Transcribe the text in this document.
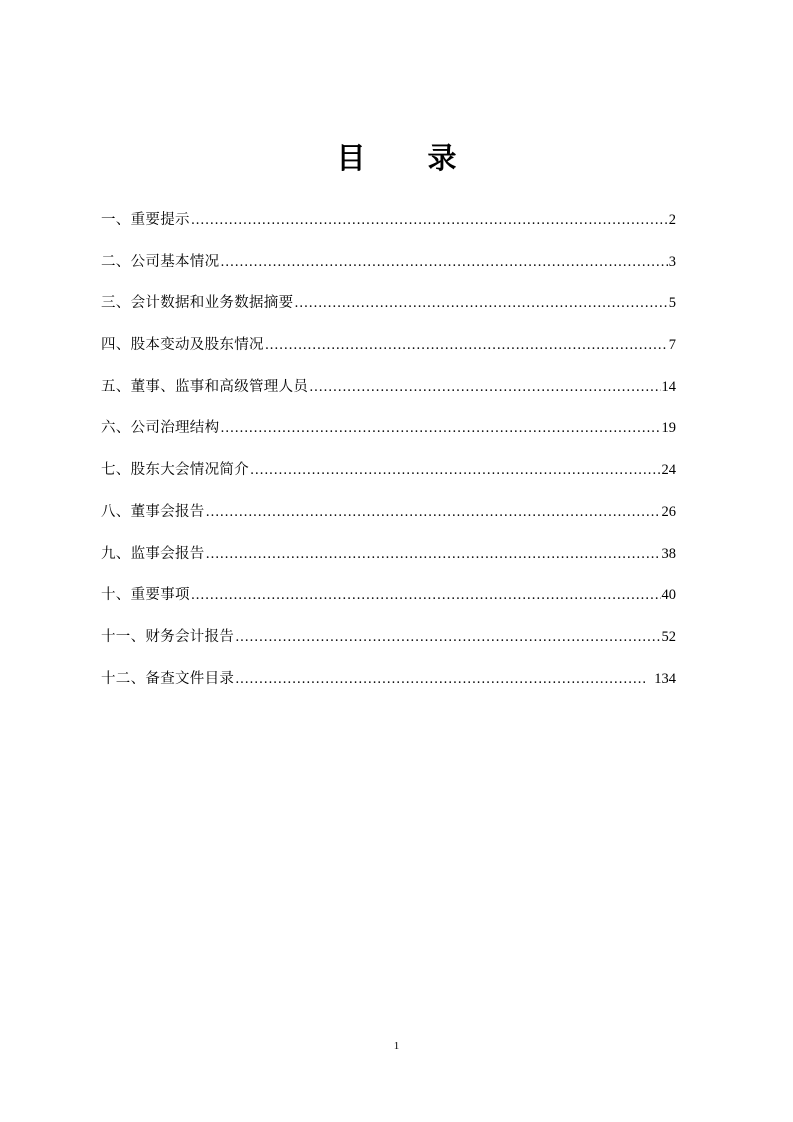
目 录
一、重要提示 .....	2
二、公司基本情况 .....	3
三、会计数据和业务数据摘要 .....	5
四、股本变动及股东情况 .....	7
五、董事、监事和高级管理人员 .....	14
六、公司治理结构 .....	19
七、股东大会情况简介 .....	24
八、董事会报告 .....	26
九、监事会报告 .....	38
十、重要事项 .....	40
十一、财务会计报告 .....	52
十二、备查文件目录 .....	134
1
